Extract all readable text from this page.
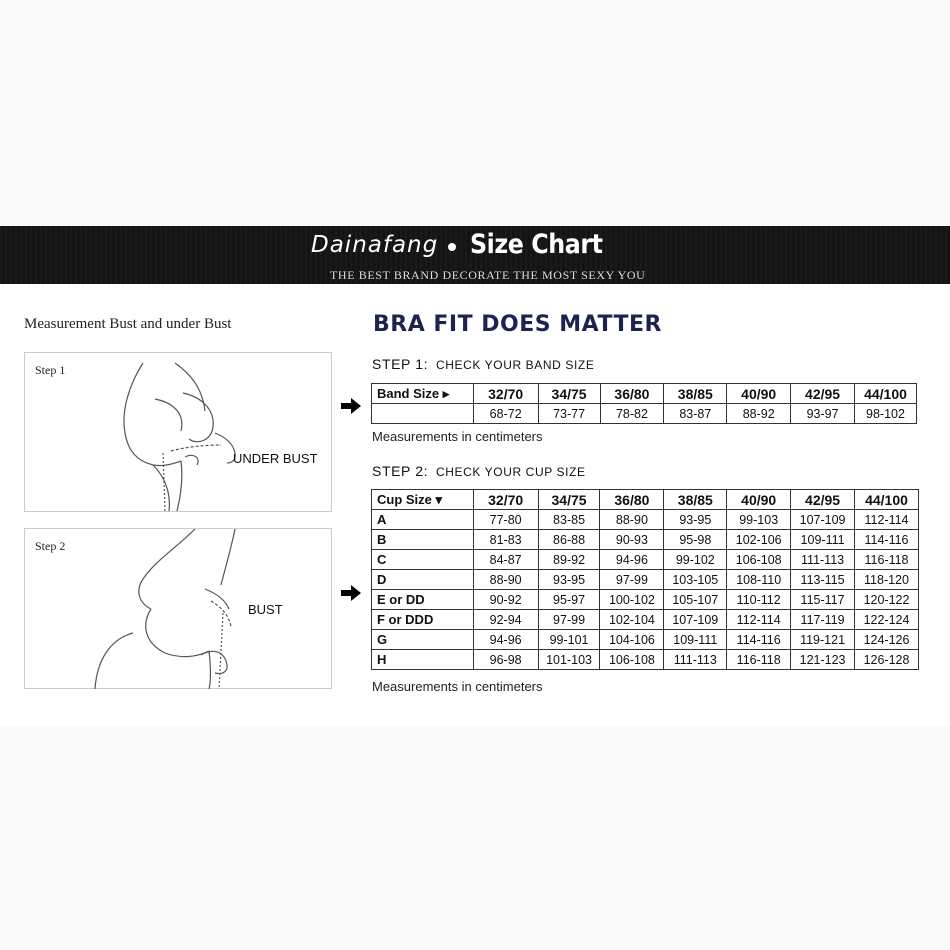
Dainafang Size Chart
THE BEST BRAND DECORATE THE MOST SEXY YOU
Measurement Bust and under Bust
Step 1
UNDER BUST
Step 2
BUST
BRA FIT DOES MATTER
STEP 1: CHECK YOUR BAND SIZE
Band Size ▸	32/70	34/75	36/80	38/85	40/90	42/95	44/100
	68-72	73-77	78-82	83-87	88-92	93-97	98-102
Measurements in centimeters
STEP 2: CHECK YOUR CUP SIZE
Cup Size ▾	32/70	34/75	36/80	38/85	40/90	42/95	44/100
A	77-80	83-85	88-90	93-95	99-103	107-109	112-114
B	81-83	86-88	90-93	95-98	102-106	109-111	114-116
C	84-87	89-92	94-96	99-102	106-108	111-113	116-118
D	88-90	93-95	97-99	103-105	108-110	113-115	118-120
E or DD	90-92	95-97	100-102	105-107	110-112	115-117	120-122
F or DDD	92-94	97-99	102-104	107-109	112-114	117-119	122-124
G	94-96	99-101	104-106	109-111	114-116	119-121	124-126
H	96-98	101-103	106-108	111-113	116-118	121-123	126-128
Measurements in centimeters
